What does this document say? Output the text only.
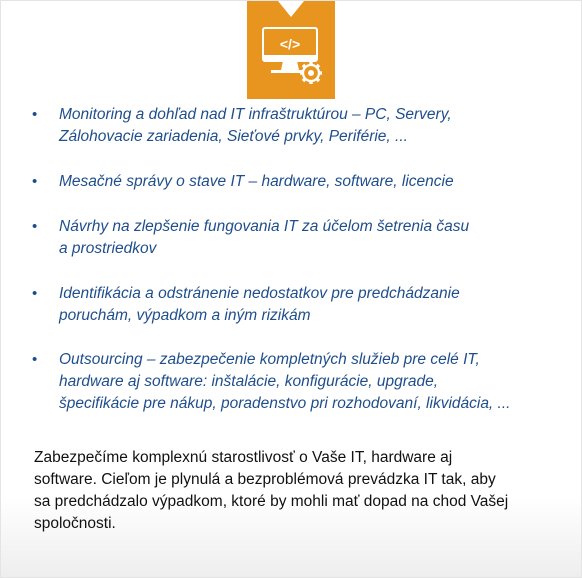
</>
• Monitoring a dohľad nad IT infraštruktúrou – PC, Servery,
Zálohovacie zariadenia, Sieťové prvky, Periférie, ...
• Mesačné správy o stave IT – hardware, software, licencie
• Návrhy na zlepšenie fungovania IT za účelom šetrenia času
a prostriedkov
• Identifikácia a odstránenie nedostatkov pre predchádzanie
poruchám, výpadkom a iným rizikám
• Outsourcing – zabezpečenie kompletných služieb pre celé IT,
hardware aj software: inštalácie, konfigurácie, upgrade,
špecifikácie pre nákup, poradenstvo pri rozhodovaní, likvidácia, ...
Zabezpečíme komplexnú starostlivosť o Vaše IT, hardware aj
software. Cieľom je plynulá a bezproblémová prevádzka IT tak, aby
sa predchádzalo výpadkom, ktoré by mohli mať dopad na chod Vašej
spoločnosti.
